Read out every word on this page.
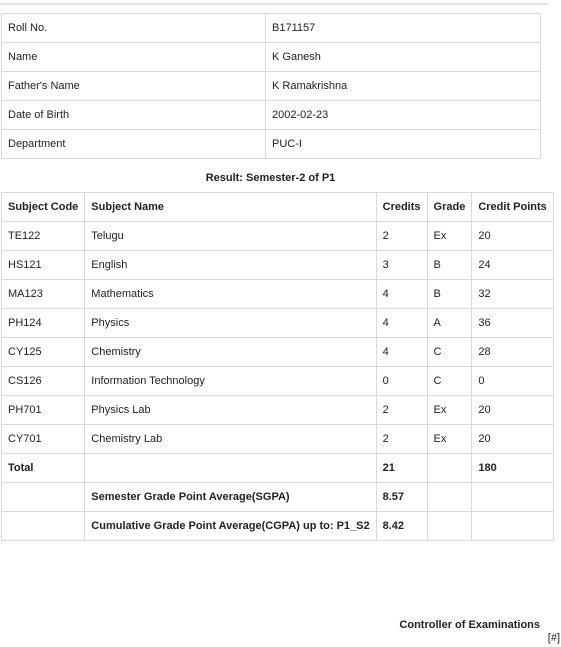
Roll No.	B171157
Name	K Ganesh
Father's Name	K Ramakrishna
Date of Birth	2002-02-23
Department	PUC-I
Result: Semester-2 of P1
Subject Code	Subject Name	Credits	Grade	Credit Points
TE122	Telugu	2	Ex	20
HS121	English	3	B	24
MA123	Mathematics	4	B	32
PH124	Physics	4	A	36
CY125	Chemistry	4	C	28
CS126	Information Technology	0	C	0
PH701	Physics Lab	2	Ex	20
CY701	Chemistry Lab	2	Ex	20
Total		21		180
	Semester Grade Point Average(SGPA)	8.57		
	Cumulative Grade Point Average(CGPA) up to: P1_S2	8.42		
Controller of Examinations
[#]
